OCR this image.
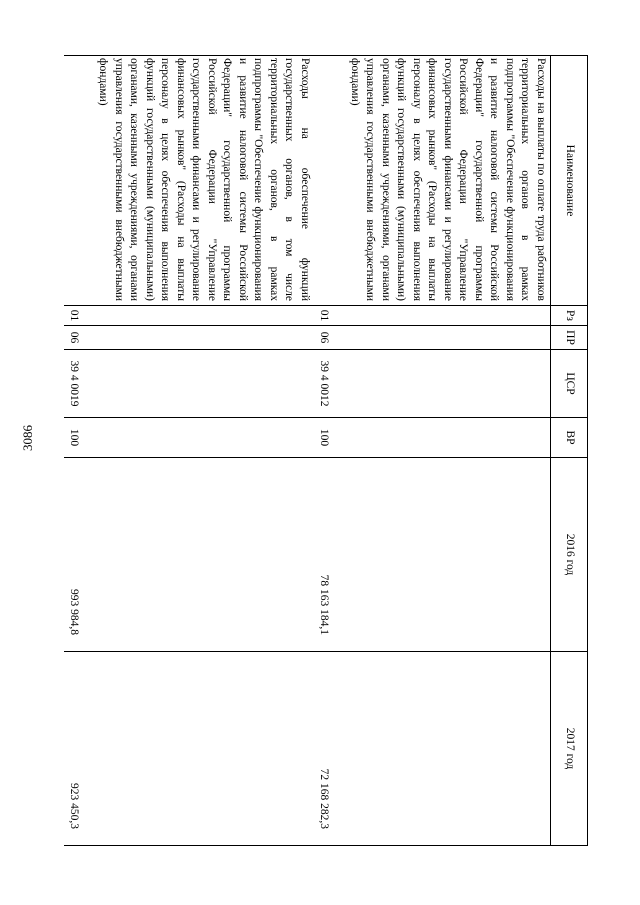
3086
Наименование	Рз	ПР	ЦСР	ВР	2016 год	2017 год
Расходы на выплаты по оплате труда работников территориальных органов в рамках подпрограммы "Обеспечение функционирования и развитие налоговой системы Российской Федерации" государственной программы Российской Федерации "Управление государственными финансами и регулирование финансовых рынков" (Расходы на выплаты персоналу в целях обеспечения выполнения функций государственными (муниципальными) органами, казенными учреждениями, органами управления государственными внебюджетными фондами)	01	06	39 4 0012	100	78 163 184,1	72 168 282,3
Расходы на обеспечение функций государственных органов, в том числе территориальных органов, в рамках подпрограммы "Обеспечение функционирования и развитие налоговой системы Российской Федерации" государственной программы Российской Федерации "Управление государственными финансами и регулирование финансовых рынков" (Расходы на выплаты персоналу в целях обеспечения выполнения функций государственными (муниципальными) органами, казенными учреждениями, органами управления государственными внебюджетными фондами)	01	06	39 4 0019	100	993 984,8	923 450,3
